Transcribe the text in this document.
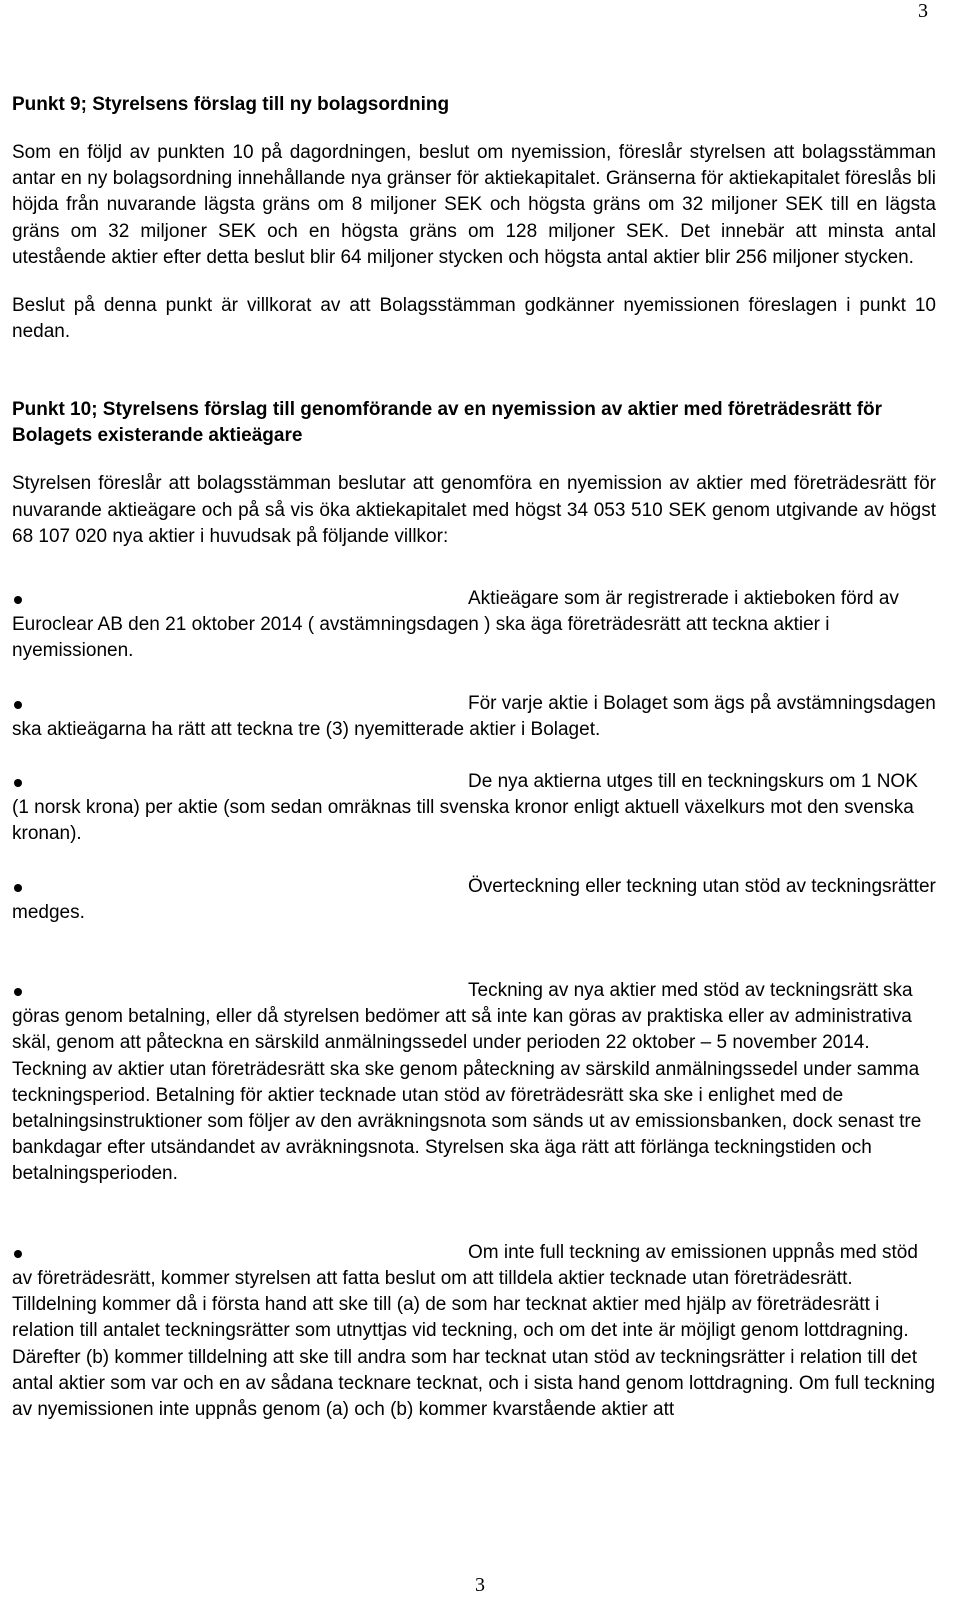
3
Punkt 9; Styrelsens förslag till ny bolagsordning

Som en följd av punkten 10 på dagordningen, beslut om nyemission, föreslår styrelsen att bolagsstämman antar en ny bolagsordning innehållande nya gränser för aktiekapitalet. Gränserna för aktiekapitalet föreslås bli höjda från nuvarande lägsta gräns om 8 miljoner SEK och högsta gräns om 32 miljoner SEK till en lägsta gräns om 32 miljoner SEK och en högsta gräns om 128 miljoner SEK. Det innebär att minsta antal utestående aktier efter detta beslut blir 64 miljoner stycken och högsta antal aktier blir 256 miljoner stycken.

Beslut på denna punkt är villkorat av att Bolagsstämman godkänner nyemissionen föreslagen i punkt 10 nedan.

Punkt 10; Styrelsens förslag till genomförande av en nyemission av aktier med företrädesrätt för Bolagets existerande aktieägare

Styrelsen föreslår att bolagsstämman beslutar att genomföra en nyemission av aktier med företrädesrätt för nuvarande aktieägare och på så vis öka aktiekapitalet med högst 34 053 510 SEK genom utgivande av högst 68 107 020 nya aktier i huvudsak på följande villkor:

Aktieägare som är registrerade i aktieboken förd av Euroclear AB den 21 oktober 2014 ( avstämningsdagen ) ska äga företrädesrätt att teckna aktier i nyemissionen.
För varje aktie i Bolaget som ägs på avstämningsdagen ska aktieägarna ha rätt att teckna tre (3) nyemitterade aktier i Bolaget.
De nya aktierna utges till en teckningskurs om 1 NOK (1 norsk krona) per aktie (som sedan omräknas till svenska kronor enligt aktuell växelkurs mot den svenska kronan).
Överteckning eller teckning utan stöd av teckningsrätter medges.
Teckning av nya aktier med stöd av teckningsrätt ska göras genom betalning, eller då styrelsen bedömer att så inte kan göras av praktiska eller av administrativa skäl, genom att påteckna en särskild anmälningssedel under perioden 22 oktober – 5 november 2014. Teckning av aktier utan företrädesrätt ska ske genom påteckning av särskild anmälningssedel under samma teckningsperiod. Betalning för aktier tecknade utan stöd av företrädesrätt ska ske i enlighet med de betalningsinstruktioner som följer av den avräkningsnota som sänds ut av emissionsbanken, dock senast tre bankdagar efter utsändandet av avräkningsnota. Styrelsen ska äga rätt att förlänga teckningstiden och betalningsperioden.
Om inte full teckning av emissionen uppnås med stöd av företrädesrätt, kommer styrelsen att fatta beslut om att tilldela aktier tecknade utan företrädesrätt. Tilldelning kommer då i första hand att ske till (a) de som har tecknat aktier med hjälp av företrädesrätt i relation till antalet teckningsrätter som utnyttjas vid teckning, och om det inte är möjligt genom lottdragning. Därefter (b) kommer tilldelning att ske till andra som har tecknat utan stöd av teckningsrätter i relation till det antal aktier som var och en av sådana tecknare tecknat, och i sista hand genom lottdragning. Om full teckning av nyemissionen inte uppnås genom (a) och (b) kommer kvarstående aktier att
3
